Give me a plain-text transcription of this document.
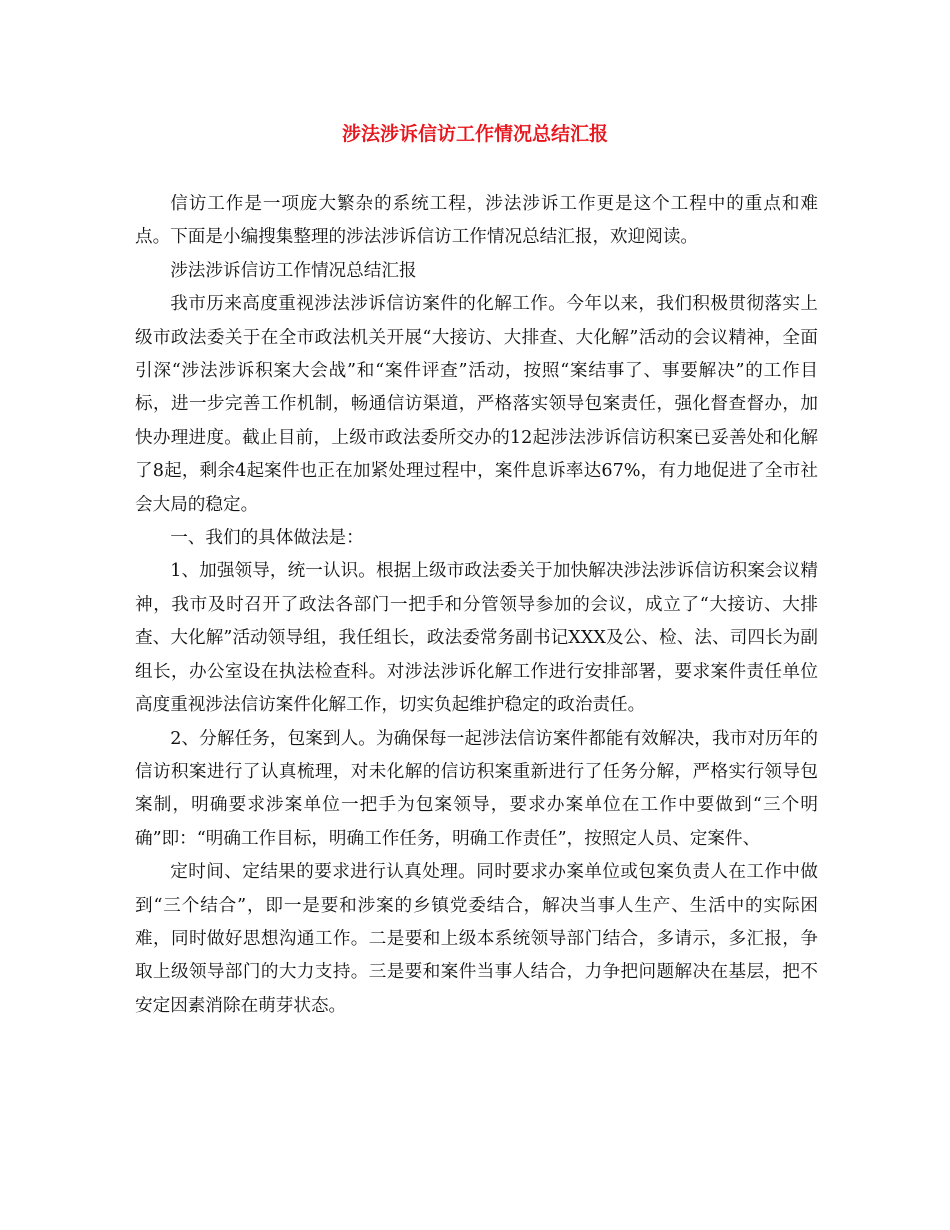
涉法涉诉信访工作情况总结汇报

信访工作是一项庞大繁杂的系统工程，涉法涉诉工作更是这个工程中的重点和难点。下面是小编搜集整理的涉法涉诉信访工作情况总结汇报，欢迎阅读。

涉法涉诉信访工作情况总结汇报

我市历来高度重视涉法涉诉信访案件的化解工作。今年以来，我们积极贯彻落实上级市政法委关于在全市政法机关开展“大接访、大排查、大化解”活动的会议精神，全面引深“涉法涉诉积案大会战”和“案件评查”活动，按照“案结事了、事要解决”的工作目标，进一步完善工作机制，畅通信访渠道，严格落实领导包案责任，强化督查督办，加快办理进度。截止目前，上级市政法委所交办的12起涉法涉诉信访积案已妥善处和化解了8起，剩余4起案件也正在加紧处理过程中，案件息诉率达67%，有力地促进了全市社会大局的稳定。

一、我们的具体做法是：

1、加强领导，统一认识。根据上级市政法委关于加快解决涉法涉诉信访积案会议精神，我市及时召开了政法各部门一把手和分管领导参加的会议，成立了“大接访、大排查、大化解”活动领导组，我任组长，政法委常务副书记XXX及公、检、法、司四长为副组长，办公室设在执法检查科。对涉法涉诉化解工作进行安排部署，要求案件责任单位高度重视涉法信访案件化解工作，切实负起维护稳定的政治责任。

2、分解任务，包案到人。为确保每一起涉法信访案件都能有效解决，我市对历年的信访积案进行了认真梳理，对未化解的信访积案重新进行了任务分解，严格实行领导包案制，明确要求涉案单位一把手为包案领导，要求办案单位在工作中要做到“三个明确”即：“明确工作目标，明确工作任务，明确工作责任”，按照定人员、定案件、

定时间、定结果的要求进行认真处理。同时要求办案单位或包案负责人在工作中做到“三个结合”，即一是要和涉案的乡镇党委结合，解决当事人生产、生活中的实际困难，同时做好思想沟通工作。二是要和上级本系统领导部门结合，多请示，多汇报，争取上级领导部门的大力支持。三是要和案件当事人结合，力争把问题解决在基层，把不安定因素消除在萌芽状态。
